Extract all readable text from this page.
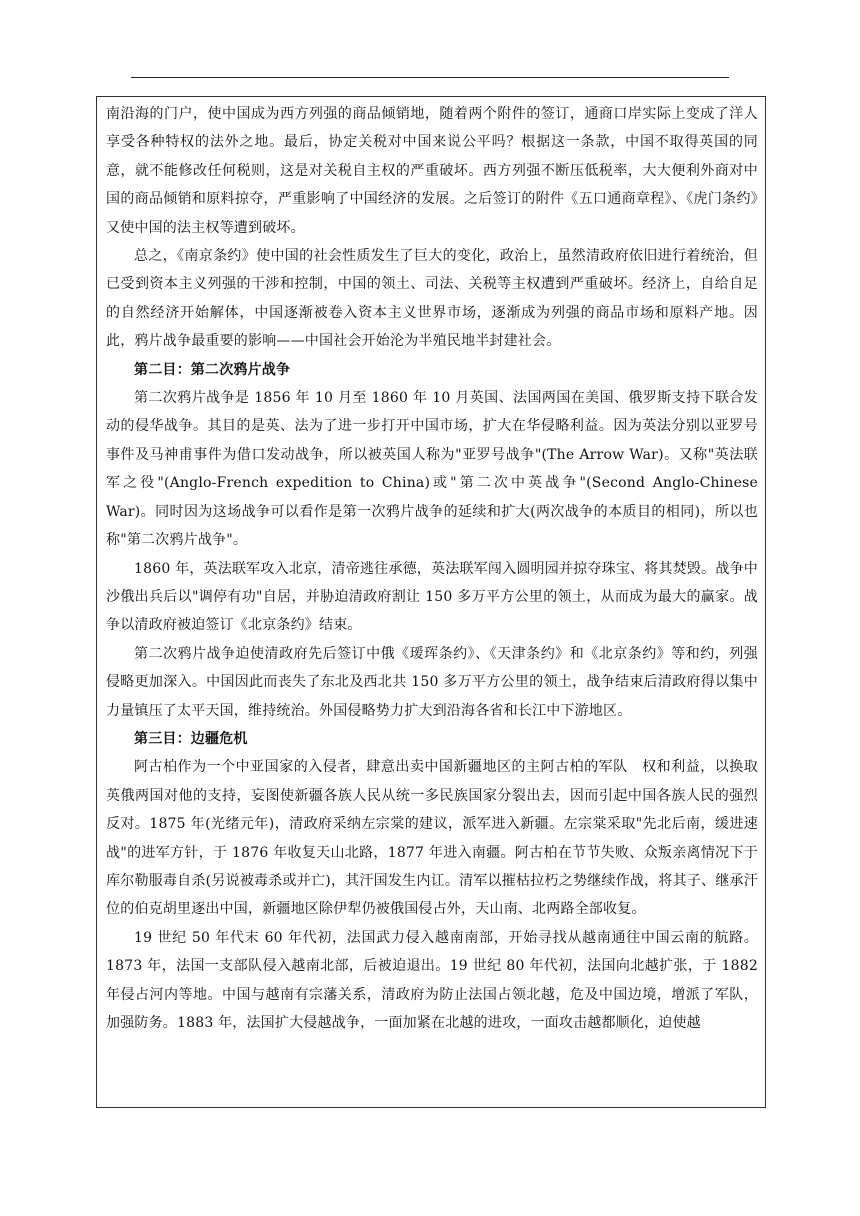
南沿海的门户，使中国成为西方列强的商品倾销地，随着两个附件的签订，通商口岸实际上变成了洋人享受各种特权的法外之地。最后，协定关税对中国来说公平吗？根据这一条款，中国不取得英国的同意，就不能修改任何税则，这是对关税自主权的严重破坏。西方列强不断压低税率，大大便利外商对中国的商品倾销和原料掠夺，严重影响了中国经济的发展。之后签订的附件《五口通商章程》、《虎门条约》又使中国的法主权等遭到破坏。

总之，《南京条约》使中国的社会性质发生了巨大的变化，政治上，虽然清政府依旧进行着统治，但已受到资本主义列强的干涉和控制，中国的领土、司法、关税等主权遭到严重破坏。经济上，自给自足的自然经济开始解体，中国逐渐被卷入资本主义世界市场，逐渐成为列强的商品市场和原料产地。因此，鸦片战争最重要的影响——中国社会开始沦为半殖民地半封建社会。

第二目：第二次鸦片战争

第二次鸦片战争是 1856 年 10 月至 1860 年 10 月英国、法国两国在美国、俄罗斯支持下联合发动的侵华战争。其目的是英、法为了进一步打开中国市场，扩大在华侵略利益。因为英法分别以亚罗号事件及马神甫事件为借口发动战争，所以被英国人称为"亚罗号战争"(The Arrow War)。又称"英法联军之役"(Anglo-French expedition to China)或"第二次中英战争"(Second Anglo-Chinese War)。同时因为这场战争可以看作是第一次鸦片战争的延续和扩大(两次战争的本质目的相同)，所以也称"第二次鸦片战争"。

1860 年，英法联军攻入北京，清帝逃往承德，英法联军闯入圆明园并掠夺珠宝、将其焚毁。战争中沙俄出兵后以"调停有功"自居，并胁迫清政府割让 150 多万平方公里的领土，从而成为最大的赢家。战争以清政府被迫签订《北京条约》结束。

第二次鸦片战争迫使清政府先后签订中俄《瑷珲条约》、《天津条约》和《北京条约》等和约，列强侵略更加深入。中国因此而丧失了东北及西北共 150 多万平方公里的领土，战争结束后清政府得以集中力量镇压了太平天国，维持统治。外国侵略势力扩大到沿海各省和长江中下游地区。

第三目：边疆危机

阿古柏作为一个中亚国家的入侵者，肆意出卖中国新疆地区的主阿古柏的军队　权和利益，以换取英俄两国对他的支持，妄图使新疆各族人民从统一多民族国家分裂出去，因而引起中国各族人民的强烈反对。1875 年(光绪元年)，清政府采纳左宗棠的建议，派军进入新疆。左宗棠采取"先北后南，缓进速战"的进军方针，于 1876 年收复天山北路，1877 年进入南疆。阿古柏在节节失败、众叛亲离情况下于库尔勒服毒自杀(另说被毒杀或并亡)，其汗国发生内讧。清军以摧枯拉朽之势继续作战，将其子、继承汗位的伯克胡里逐出中国，新疆地区除伊犁仍被俄国侵占外，天山南、北两路全部收复。

19 世纪 50 年代末 60 年代初，法国武力侵入越南南部，开始寻找从越南通往中国云南的航路。1873 年，法国一支部队侵入越南北部，后被迫退出。19 世纪 80 年代初，法国向北越扩张，于 1882 年侵占河内等地。中国与越南有宗藩关系，清政府为防止法国占领北越，危及中国边境，增派了军队，加强防务。1883 年，法国扩大侵越战争，一面加紧在北越的进攻，一面攻击越都顺化，迫使越
